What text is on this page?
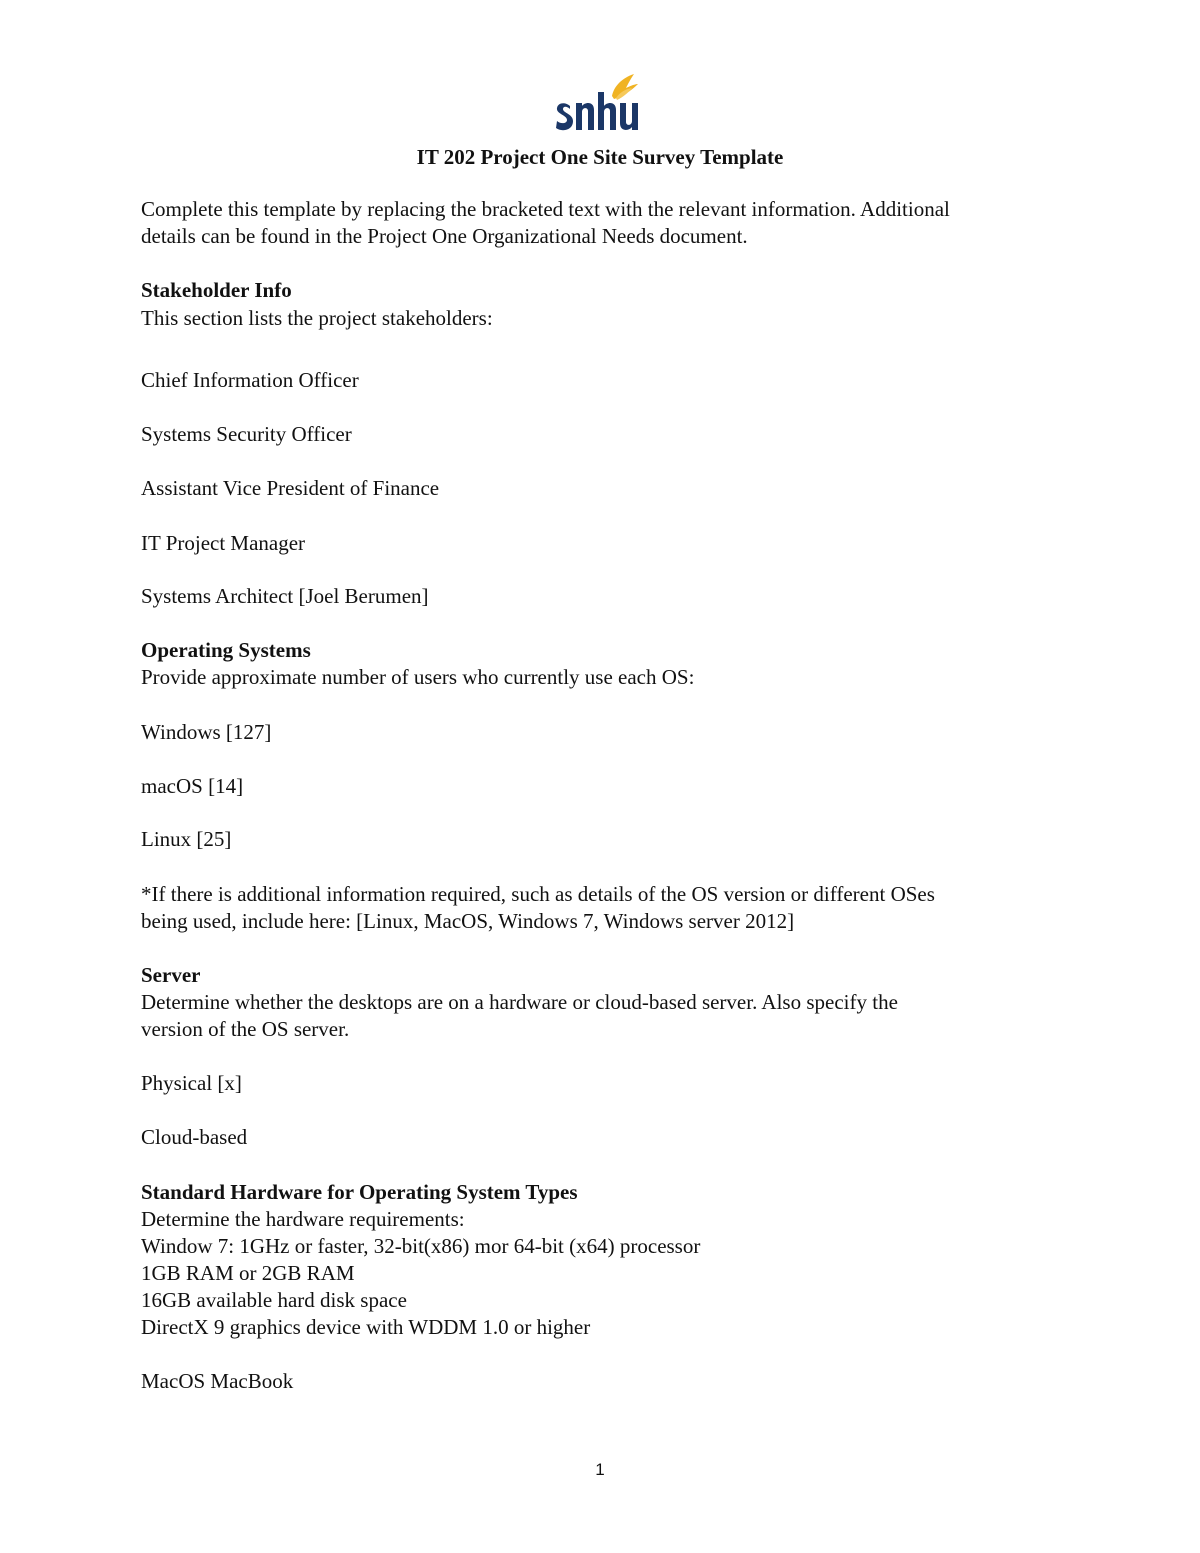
IT 202 Project One Site Survey Template
Complete this template by replacing the bracketed text with the relevant information. Additional
details can be found in the Project One Organizational Needs document.
Stakeholder Info
This section lists the project stakeholders:
Chief Information Officer
Systems Security Officer
Assistant Vice President of Finance
IT Project Manager
Systems Architect [Joel Berumen]
Operating Systems
Provide approximate number of users who currently use each OS:
Windows [127]
macOS [14]
Linux [25]
*If there is additional information required, such as details of the OS version or different OSes
being used, include here: [Linux, MacOS, Windows 7, Windows server 2012]
Server
Determine whether the desktops are on a hardware or cloud-based server. Also specify the
version of the OS server.
Physical [x]
Cloud-based
Standard Hardware for Operating System Types
Determine the hardware requirements:
Window 7: 1GHz or faster, 32-bit(x86) mor 64-bit (x64) processor
1GB RAM or 2GB RAM
16GB available hard disk space
DirectX 9 graphics device with WDDM 1.0 or higher
MacOS MacBook
1
